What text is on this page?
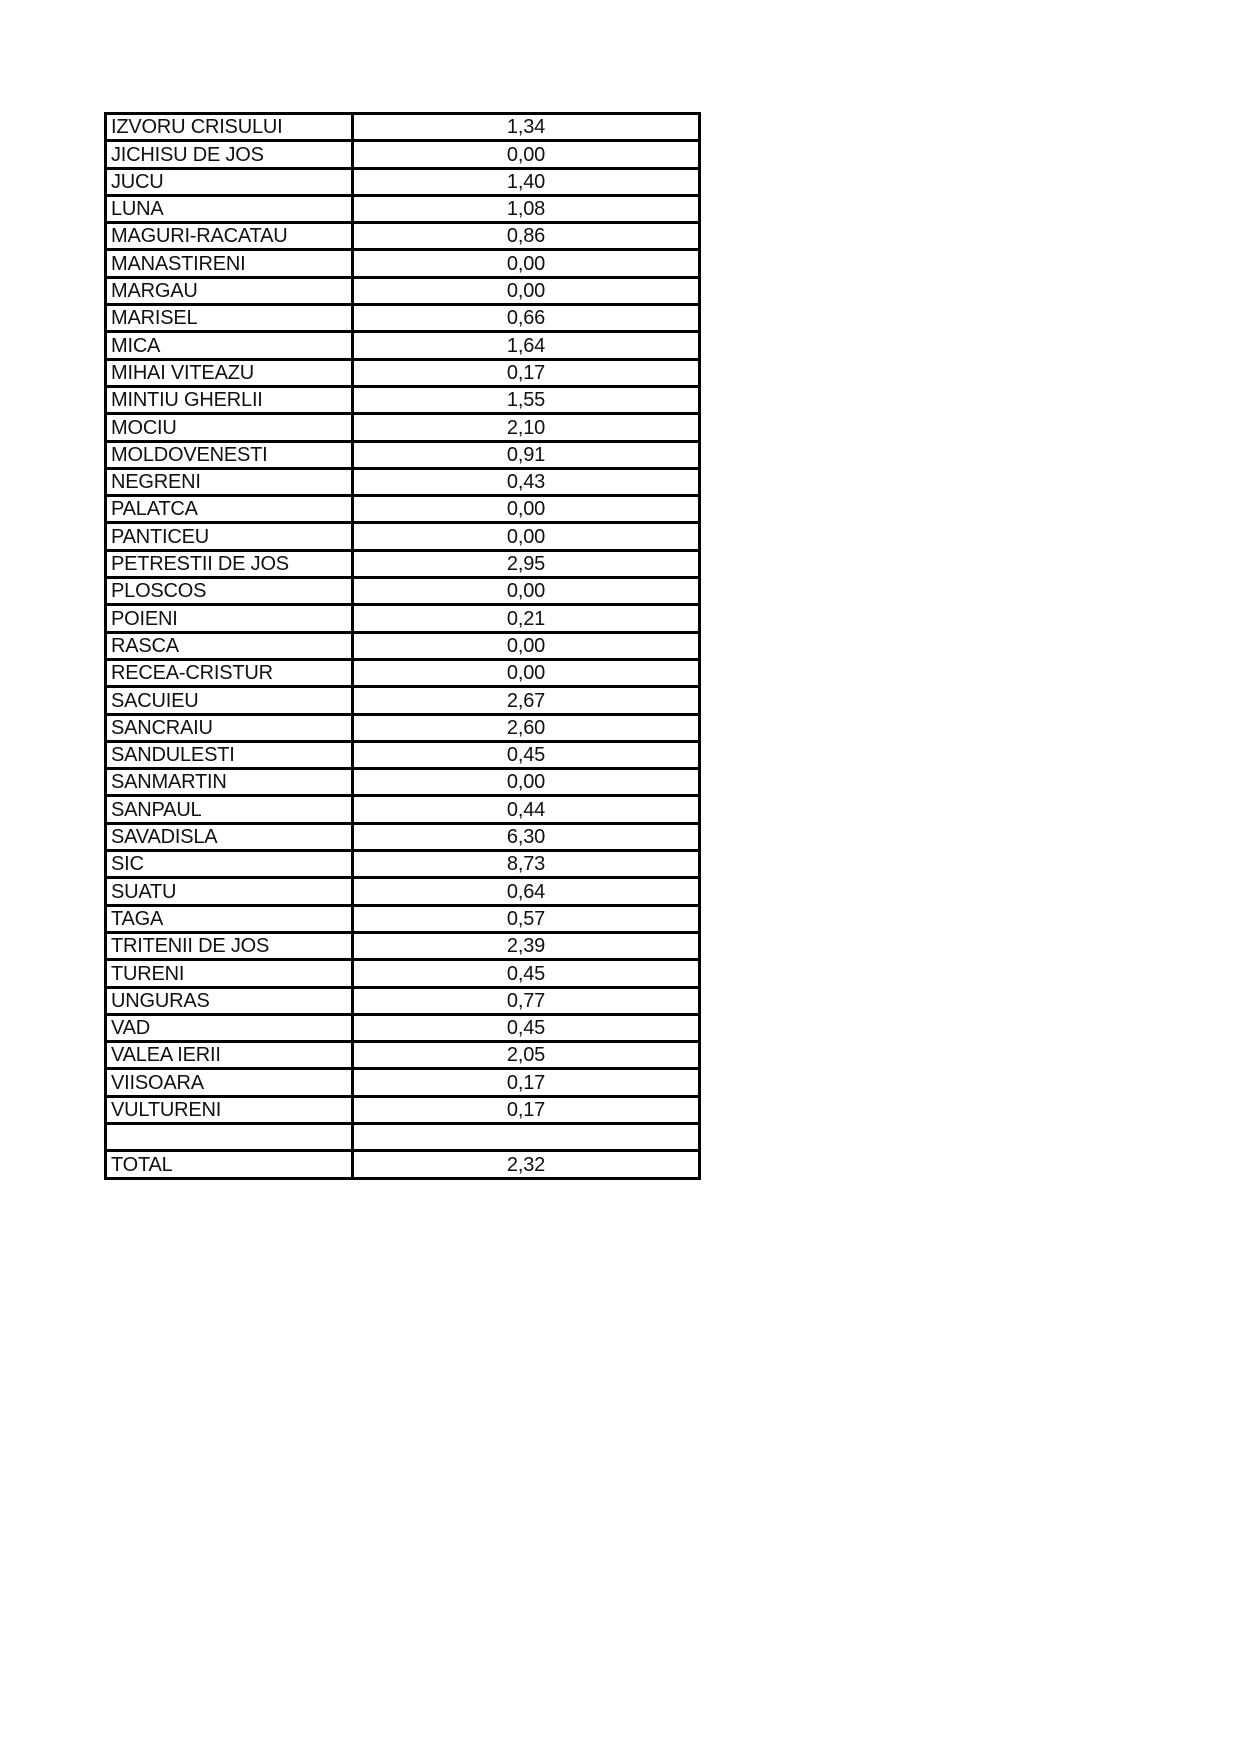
IZVORU CRISULUI	1,34
JICHISU DE JOS	0,00
JUCU	1,40
LUNA	1,08
MAGURI-RACATAU	0,86
MANASTIRENI	0,00
MARGAU	0,00
MARISEL	0,66
MICA	1,64
MIHAI VITEAZU	0,17
MINTIU GHERLII	1,55
MOCIU	2,10
MOLDOVENESTI	0,91
NEGRENI	0,43
PALATCA	0,00
PANTICEU	0,00
PETRESTII DE JOS	2,95
PLOSCOS	0,00
POIENI	0,21
RASCA	0,00
RECEA-CRISTUR	0,00
SACUIEU	2,67
SANCRAIU	2,60
SANDULESTI	0,45
SANMARTIN	0,00
SANPAUL	0,44
SAVADISLA	6,30
SIC	8,73
SUATU	0,64
TAGA	0,57
TRITENII DE JOS	2,39
TURENI	0,45
UNGURAS	0,77
VAD	0,45
VALEA IERII	2,05
VIISOARA	0,17
VULTURENI	0,17

TOTAL	2,32
